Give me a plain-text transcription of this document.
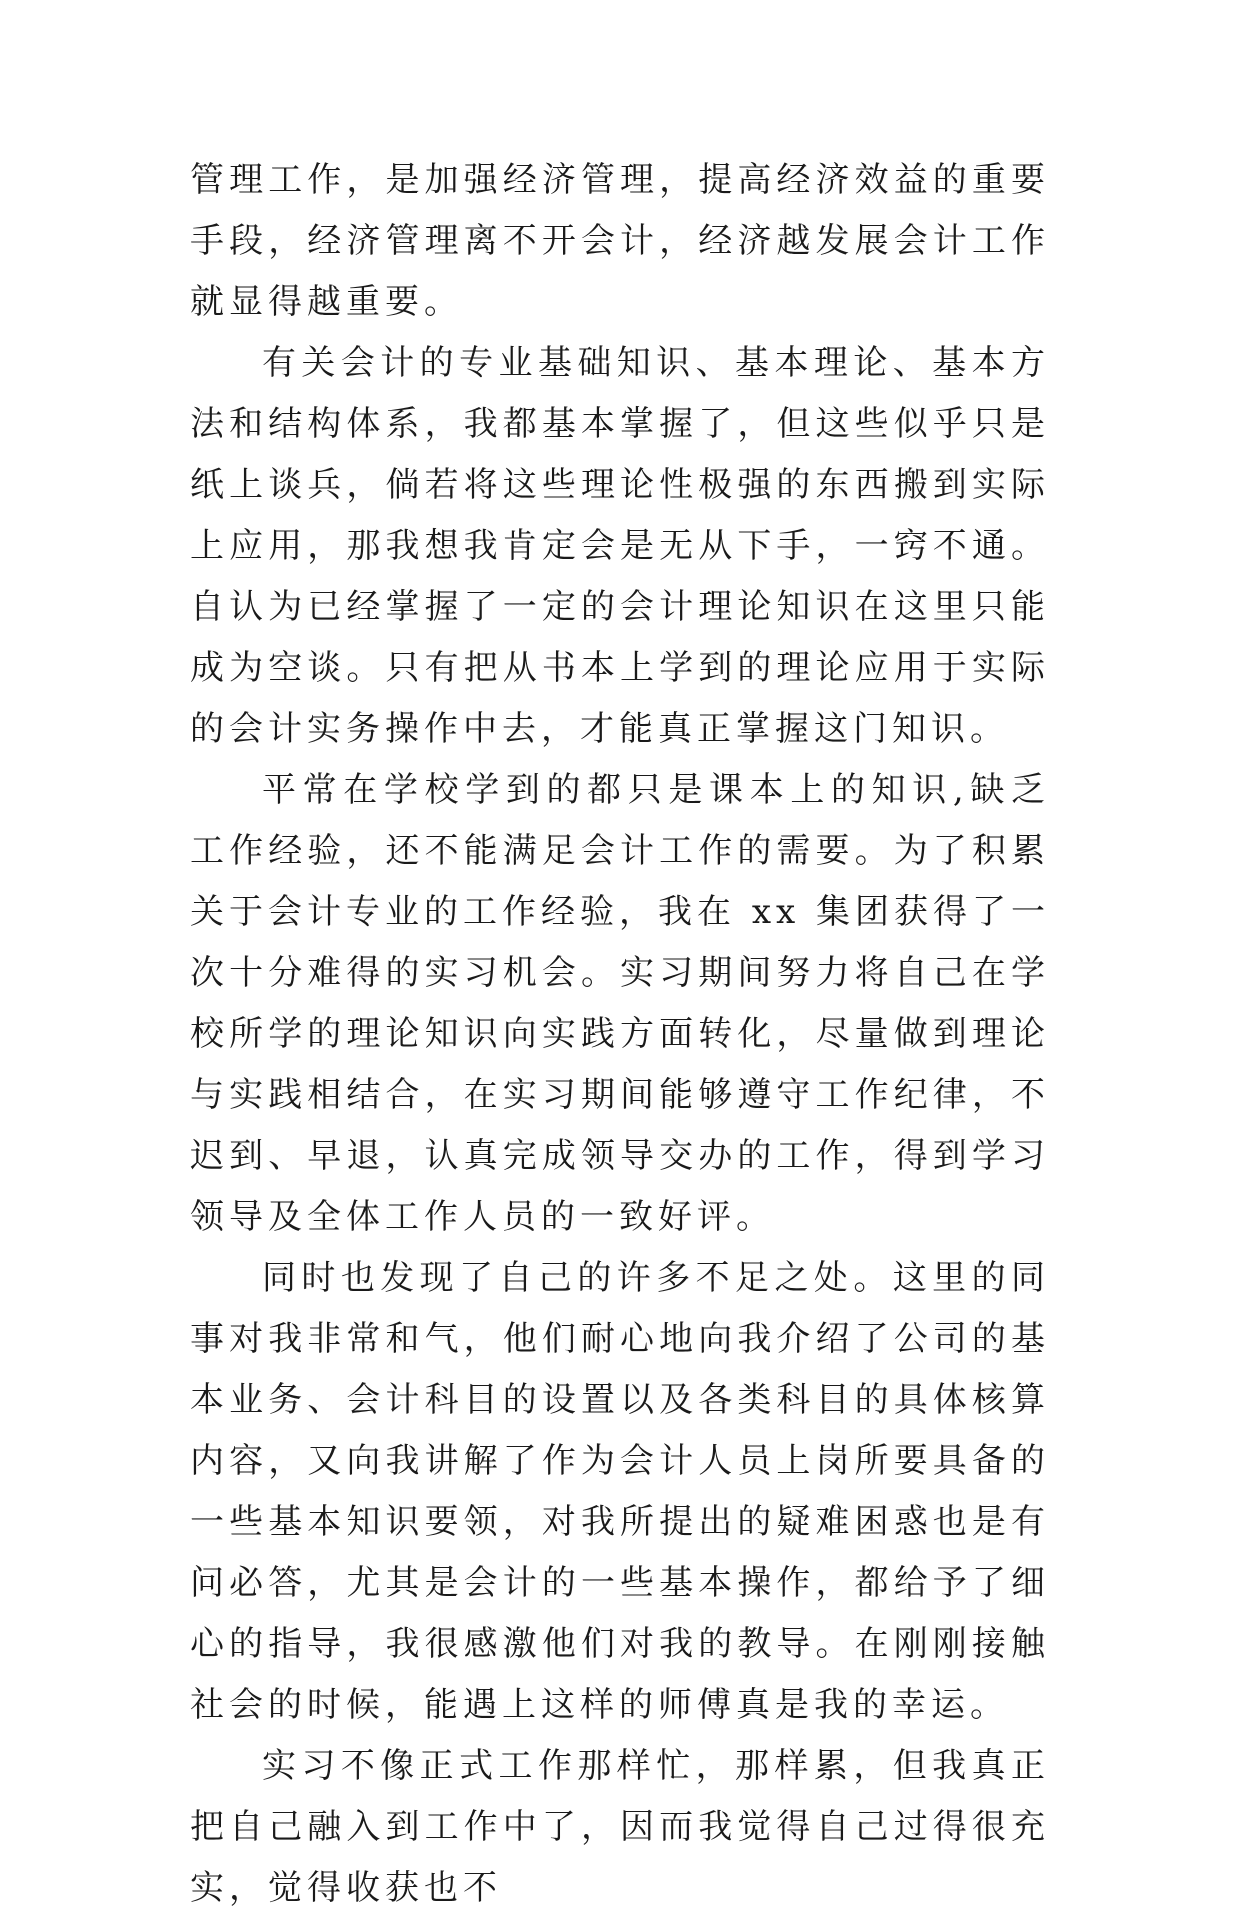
管理工作，是加强经济管理，提高经济效益的重要手段，经济管理离不开会计，经济越发展会计工作就显得越重要。

有关会计的专业基础知识、基本理论、基本方法和结构体系，我都基本掌握了，但这些似乎只是纸上谈兵，倘若将这些理论性极强的东西搬到实际上应用，那我想我肯定会是无从下手，一窍不通。自认为已经掌握了一定的会计理论知识在这里只能成为空谈。只有把从书本上学到的理论应用于实际的会计实务操作中去，才能真正掌握这门知识。

平常在学校学到的都只是课本上的知识,缺乏工作经验，还不能满足会计工作的需要。为了积累关于会计专业的工作经验，我在 xx 集团获得了一次十分难得的实习机会。实习期间努力将自己在学校所学的理论知识向实践方面转化，尽量做到理论与实践相结合，在实习期间能够遵守工作纪律，不迟到、早退，认真完成领导交办的工作，得到学习领导及全体工作人员的一致好评。

同时也发现了自己的许多不足之处。这里的同事对我非常和气，他们耐心地向我介绍了公司的基本业务、会计科目的设置以及各类科目的具体核算内容，又向我讲解了作为会计人员上岗所要具备的一些基本知识要领，对我所提出的疑难困惑也是有问必答，尤其是会计的一些基本操作，都给予了细心的指导，我很感激他们对我的教导。在刚刚接触社会的时候，能遇上这样的师傅真是我的幸运。

实习不像正式工作那样忙，那样累，但我真正把自己融入到工作中了，因而我觉得自己过得很充实，觉得收获也不
